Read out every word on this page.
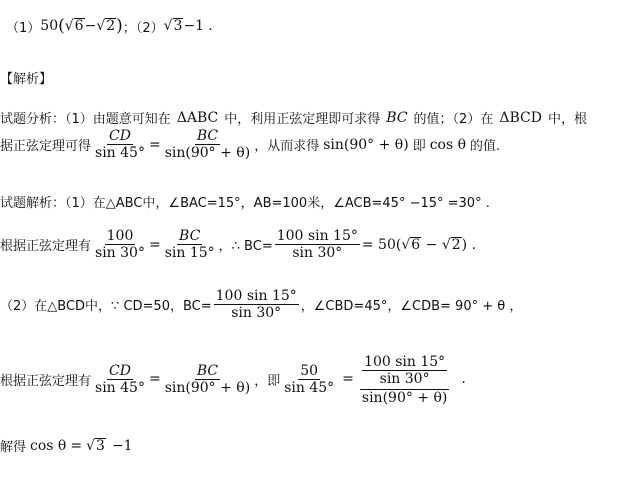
（1） 50 ( √ 6 − √ 2 ) ；（2） √ 3 −1 .
【解析】
试题分析：（1）由题意可知在 ΔABC 中，利用正弦定理即可求得 BC 的值；（2）在 ΔBCD 中，根
据正弦定理可得 $\frac{CD}{\sin 45^\circ} = \frac{BC}{\sin(90^\circ + \theta)}$ ，从而求得 sin(90° + θ) 即 cos θ 的值.
试题解析：（1）在△ABC中，∠BAC=15°，AB=100米，∠ACB=45° −15° =30° .
根据正弦定理有 $\frac{100}{\sin 30^\circ} = \frac{BC}{\sin 15^\circ}$ ，∴ $BC= \frac{100 \sin 15^\circ}{\sin 30^\circ} = 50$( √ 6 − √ 2 ) .
（2）在△BCD中，∵ CD=50，$BC= \frac{100 \sin 15^\circ}{\sin 30^\circ}$ ，∠CBD=45°，∠CDB= 90° + θ ，
根据正弦定理有 $\frac{CD}{\sin 45^\circ} = \frac{BC}{\sin(90^\circ + \theta)}$ ，即 $\frac{50}{\sin 45^\circ} = \frac{\frac{100 \sin 15^\circ}{\sin 30^\circ}}{\sin(90^\circ + \theta)}$ .
解得 cos θ = √ 3 −1
